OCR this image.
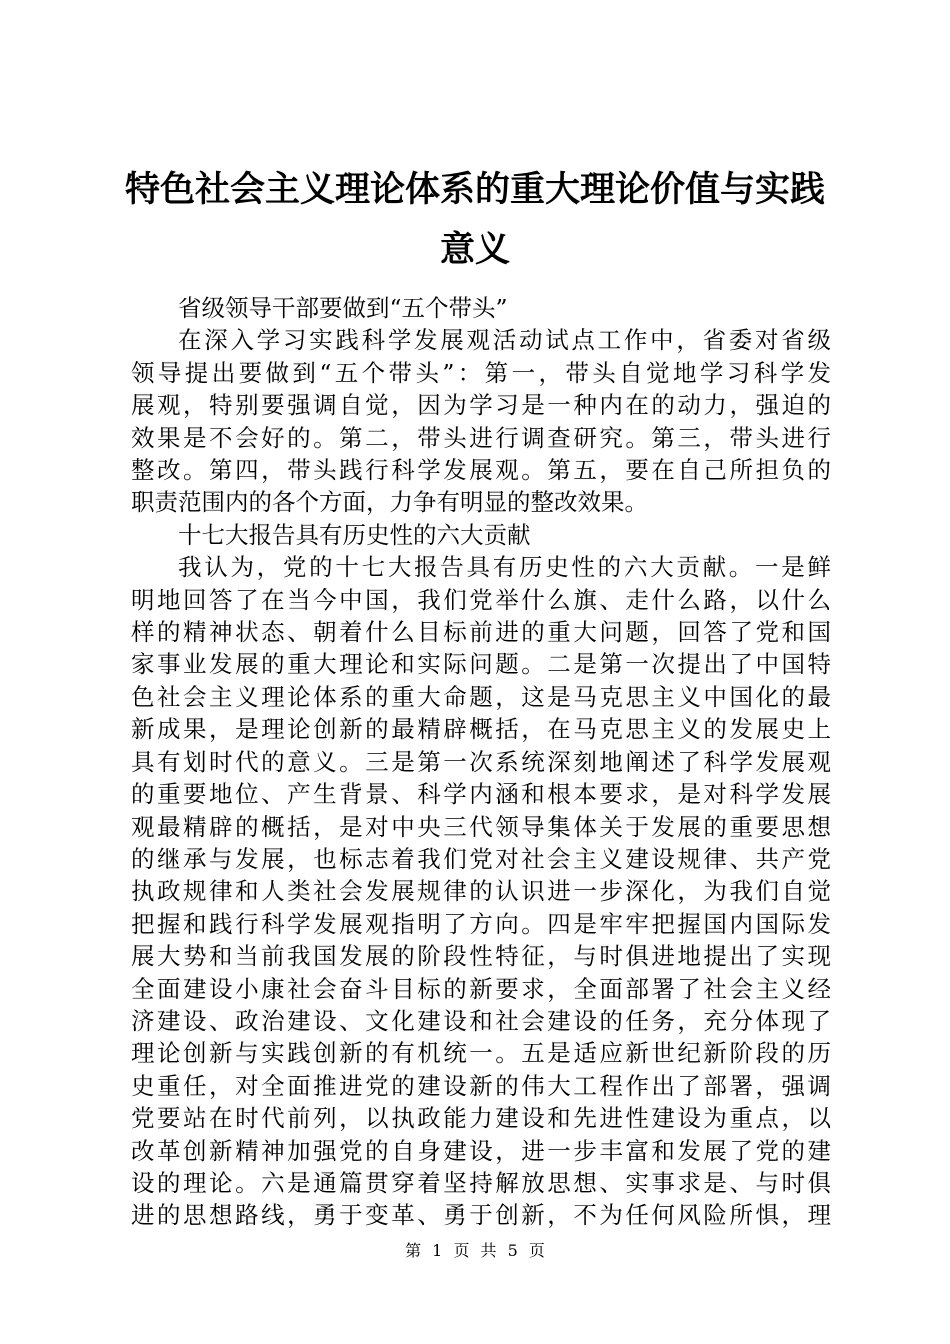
特色社会主义理论体系的重大理论价值与实践
意义
省级领导干部要做到“五个带头”
在深入学习实践科学发展观活动试点工作中，省委对省级
领导提出要做到“五个带头”：第一，带头自觉地学习科学发
展观，特别要强调自觉，因为学习是一种内在的动力，强迫的
效果是不会好的。第二，带头进行调查研究。第三，带头进行
整改。第四，带头践行科学发展观。第五，要在自己所担负的
职责范围内的各个方面，力争有明显的整改效果。
十七大报告具有历史性的六大贡献
我认为，党的十七大报告具有历史性的六大贡献。一是鲜
明地回答了在当今中国，我们党举什么旗、走什么路，以什么
样的精神状态、朝着什么目标前进的重大问题，回答了党和国
家事业发展的重大理论和实际问题。二是第一次提出了中国特
色社会主义理论体系的重大命题，这是马克思主义中国化的最
新成果，是理论创新的最精辟概括，在马克思主义的发展史上
具有划时代的意义。三是第一次系统深刻地阐述了科学发展观
的重要地位、产生背景、科学内涵和根本要求，是对科学发展
观最精辟的概括，是对中央三代领导集体关于发展的重要思想
的继承与发展，也标志着我们党对社会主义建设规律、共产党
执政规律和人类社会发展规律的认识进一步深化，为我们自觉
把握和践行科学发展观指明了方向。四是牢牢把握国内国际发
展大势和当前我国发展的阶段性特征，与时俱进地提出了实现
全面建设小康社会奋斗目标的新要求，全面部署了社会主义经
济建设、政治建设、文化建设和社会建设的任务，充分体现了
理论创新与实践创新的有机统一。五是适应新世纪新阶段的历
史重任，对全面推进党的建设新的伟大工程作出了部署，强调
党要站在时代前列，以执政能力建设和先进性建设为重点，以
改革创新精神加强党的自身建设，进一步丰富和发展了党的建
设的理论。六是通篇贯穿着坚持解放思想、实事求是、与时俱
进的思想路线，勇于变革、勇于创新，不为任何风险所惧，理
第 1 页 共 5 页
